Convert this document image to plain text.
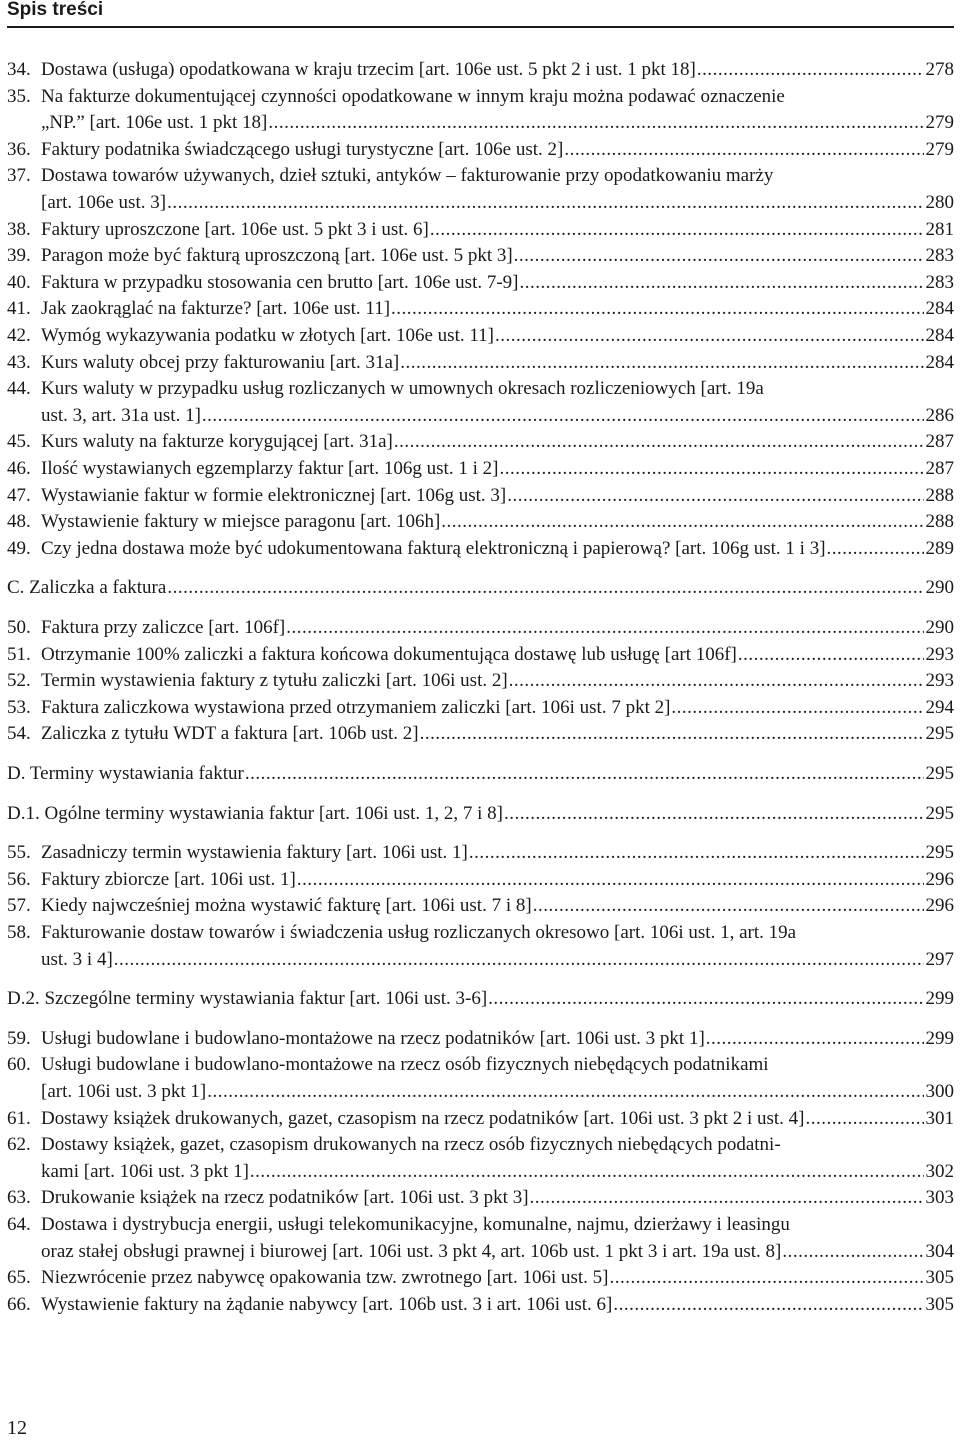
Spis treści
34. Dostawa (usługa) opodatkowana w kraju trzecim [art. 106e ust. 5 pkt 2 i ust. 1 pkt 18] .....	278
35. Na fakturze dokumentującej czynności opodatkowane w innym kraju można podawać oznaczenie
„NP.” [art. 106e ust. 1 pkt 18] .....	279
36. Faktury podatnika świadczącego usługi turystyczne [art. 106e ust. 2] .....	279
37. Dostawa towarów używanych, dzieł sztuki, antyków – fakturowanie przy opodatkowaniu marży
[art. 106e ust. 3] .....	280
38. Faktury uproszczone [art. 106e ust. 5 pkt 3 i ust. 6] .....	281
39. Paragon może być fakturą uproszczoną [art. 106e ust. 5 pkt 3] .....	283
40. Faktura w przypadku stosowania cen brutto [art. 106e ust. 7-9] .....	283
41. Jak zaokrąglać na fakturze? [art. 106e ust. 11] .....	284
42. Wymóg wykazywania podatku w złotych [art. 106e ust. 11] .....	284
43. Kurs waluty obcej przy fakturowaniu [art. 31a] .....	284
44. Kurs waluty w przypadku usług rozliczanych w umownych okresach rozliczeniowych [art. 19a
ust. 3, art. 31a ust. 1] .....	286
45. Kurs waluty na fakturze korygującej [art. 31a] .....	287
46. Ilość wystawianych egzemplarzy faktur [art. 106g ust. 1 i 2] .....	287
47. Wystawianie faktur w formie elektronicznej [art. 106g ust. 3] .....	288
48. Wystawienie faktury w miejsce paragonu [art. 106h] .....	288
49. Czy jedna dostawa może być udokumentowana fakturą elektroniczną i papierową? [art. 106g ust. 1 i 3] .....	289
C. Zaliczka a faktura .....	290
50. Faktura przy zaliczce [art. 106f] .....	290
51. Otrzymanie 100% zaliczki a faktura końcowa dokumentująca dostawę lub usługę [art 106f] .....	293
52. Termin wystawienia faktury z tytułu zaliczki [art. 106i ust. 2] .....	293
53. Faktura zaliczkowa wystawiona przed otrzymaniem zaliczki [art. 106i ust. 7 pkt 2] .....	294
54. Zaliczka z tytułu WDT a faktura [art. 106b ust. 2] .....	295
D. Terminy wystawiania faktur .....	295
D.1. Ogólne terminy wystawiania faktur [art. 106i ust. 1, 2, 7 i 8] .....	295
55. Zasadniczy termin wystawienia faktury [art. 106i ust. 1] .....	295
56. Faktury zbiorcze [art. 106i ust. 1] .....	296
57. Kiedy najwcześniej można wystawić fakturę [art. 106i ust. 7 i 8] .....	296
58. Fakturowanie dostaw towarów i świadczenia usług rozliczanych okresowo [art. 106i ust. 1, art. 19a
ust. 3 i 4] .....	297
D.2. Szczególne terminy wystawiania faktur [art. 106i ust. 3-6] .....	299
59. Usługi budowlane i budowlano-montażowe na rzecz podatników [art. 106i ust. 3 pkt 1] .....	299
60. Usługi budowlane i budowlano-montażowe na rzecz osób fizycznych niebędących podatnikami
[art. 106i ust. 3 pkt 1] .....	300
61. Dostawy książek drukowanych, gazet, czasopism na rzecz podatników [art. 106i ust. 3 pkt 2 i ust. 4] .....	301
62. Dostawy książek, gazet, czasopism drukowanych na rzecz osób fizycznych niebędących podatni-
kami [art. 106i ust. 3 pkt 1] .....	302
63. Drukowanie książek na rzecz podatników [art. 106i ust. 3 pkt 3] .....	303
64. Dostawa i dystrybucja energii, usługi telekomunikacyjne, komunalne, najmu, dzierżawy i leasingu
oraz stałej obsługi prawnej i biurowej [art. 106i ust. 3 pkt 4, art. 106b ust. 1 pkt 3 i art. 19a ust. 8] .....	304
65. Niezwrócenie przez nabywcę opakowania tzw. zwrotnego [art. 106i ust. 5] .....	305
66. Wystawienie faktury na żądanie nabywcy [art. 106b ust. 3 i art. 106i ust. 6] .....	305
12
